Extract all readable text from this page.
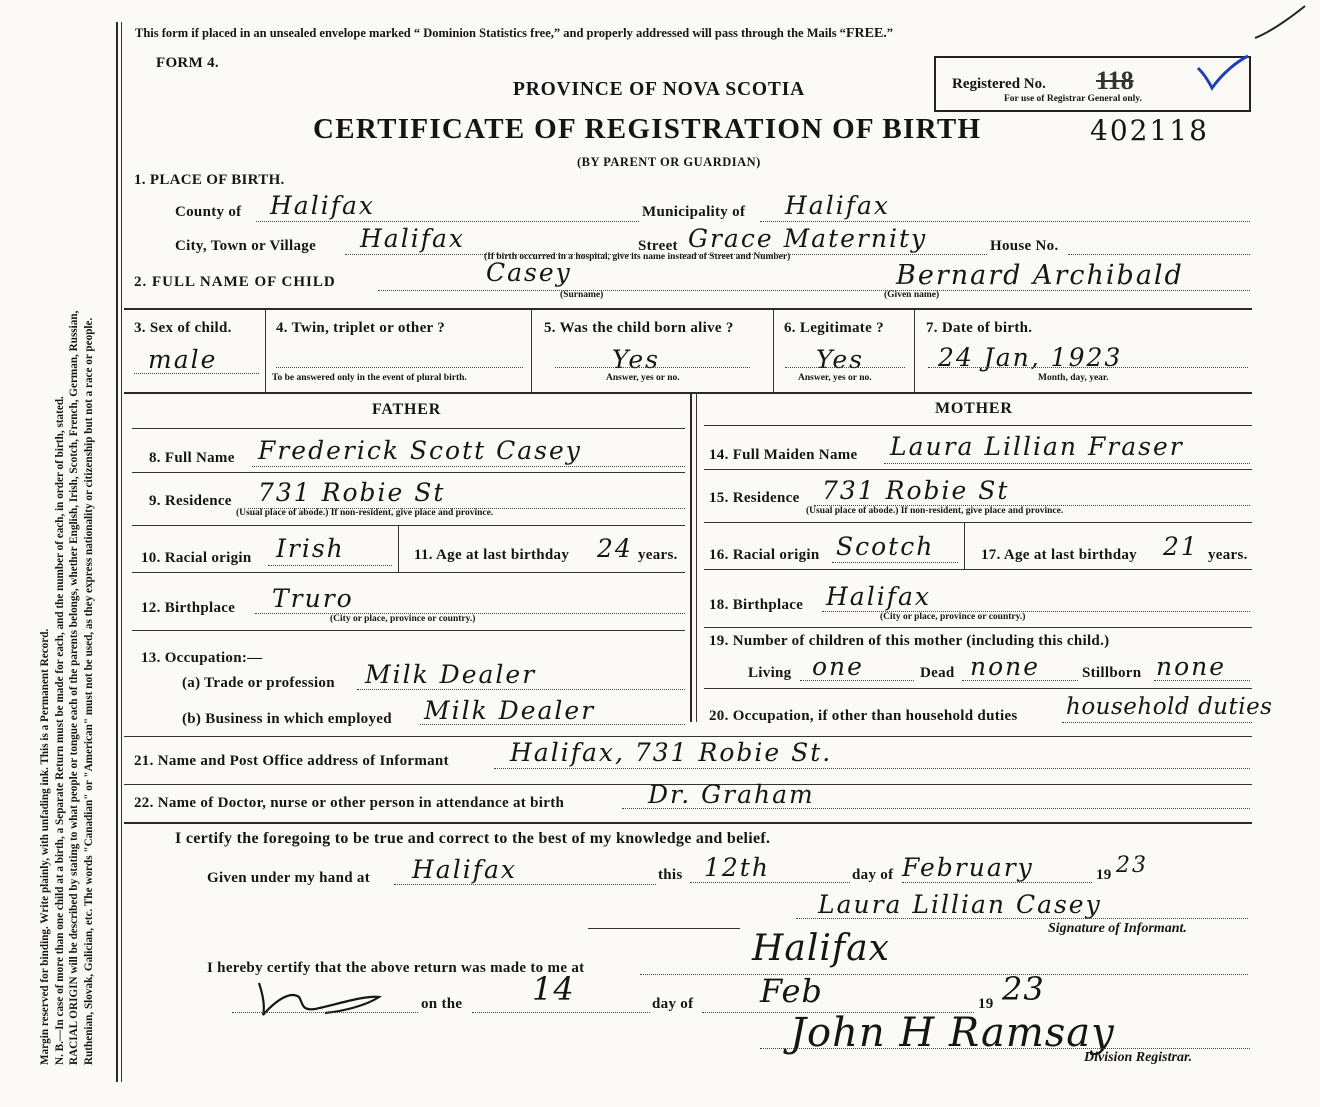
Margin reserved for binding. Write plainly, with unfading ink. This is a Permanent Record. N. B.—In case of more than one child at a birth, a Separate Return must be made for each, and the number of each, in order of birth, stated. RACIAL ORIGIN will be described by stating to what people or tongue each of the parents belongs, whether English, Irish, Scotch, French, German, Russian, Ruthenian, Slovak, Galician, etc. The words "Canadian" or "American" must not be used, as they express nationality or citizenship but not a race or people.
This form if placed in an unsealed envelope marked “ Dominion Statistics free,” and properly addressed will pass through the Mails “FREE.”
FORM 4.
PROVINCE OF NOVA SCOTIA	Registered No. 118
For use of Registrar General only.
CERTIFICATE OF REGISTRATION OF BIRTH	402118
(BY PARENT OR GUARDIAN)
1. PLACE OF BIRTH.
County of Halifax	Municipality of Halifax
City, Town or Village Halifax
(If birth occurred in a hospital, give its name instead of Street and Number)
Street Grace Maternity	House No.
2. FULL NAME OF CHILD	Casey
(Surname)
Bernard Archibald
(Given name)
3. Sex of child.
male
4. Twin, triplet or other ?
To be answered only in the event of plural birth.
5. Was the child born alive ?
Yes
Answer, yes or no.
6. Legitimate ?
Yes
Answer, yes or no.
7. Date of birth.
24 Jan, 1923
Month, day, year.
FATHER	MOTHER
8. Full Name Frederick Scott Casey
9. Residence 731 Robie St
(Usual place of abode.) If non-resident, give place and province.
10. Racial origin Irish	11. Age at last birthday 24 years.
12. Birthplace Truro
(City or place, province or country.)
13. Occupation:—
(a) Trade or profession Milk Dealer
(b) Business in which employed Milk Dealer
14. Full Maiden Name Laura Lillian Fraser
15. Residence 731 Robie St
(Usual place of abode.) If non-resident, give place and province.
16. Racial origin Scotch	17. Age at last birthday 21 years.
18. Birthplace Halifax
(City or place, province or country.)
19. Number of children of this mother (including this child.)
Living one	Dead none	Stillborn none
20. Occupation, if other than household duties household duties
21. Name and Post Office address of Informant Halifax, 731 Robie St.
22. Name of Doctor, nurse or other person in attendance at birth	Dr. Graham
I certify the foregoing to be true and correct to the best of my knowledge and belief.
Given under my hand at Halifax	this 12th	day of February	19 23
Laura Lillian Casey
Signature of Informant.
I hereby certify that the above return was made to me at	Halifax
on the 14	day of Feb	19 23
John H Ramsay
Division Registrar.
